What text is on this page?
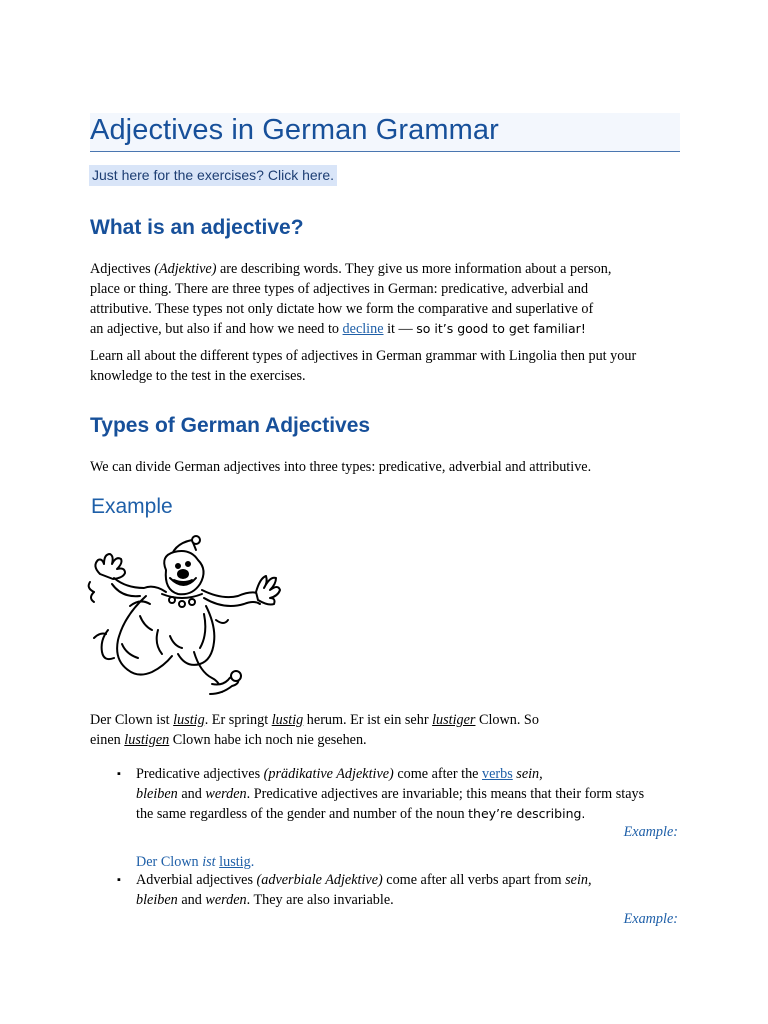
Adjectives in German Grammar
Just here for the exercises? Click here.
What is an adjective?

Adjectives (Adjektive) are describing words. They give us more information about a person,
place or thing. There are three types of adjectives in German: predicative, adverbial and
attributive. These types not only dictate how we form the comparative and superlative of
an adjective, but also if and how we need to decline it — so it’s good to get familiar!

Learn all about the different types of adjectives in German grammar with Lingolia then put your
knowledge to the test in the exercises.

Types of German Adjectives

We can divide German adjectives into three types: predicative, adverbial and attributive.

Example

Der Clown ist lustig. Er springt lustig herum. Er ist ein sehr lustiger Clown. So
einen lustigen Clown habe ich noch nie gesehen.

▪ Predicative adjectives (prädikative Adjektive) come after the verbs sein,
bleiben and werden. Predicative adjectives are invariable; this means that their form stays
the same regardless of the gender and number of the noun they’re describing.

Example:

Der Clown ist lustig.

▪ Adverbial adjectives (adverbiale Adjektive) come after all verbs apart from sein,
bleiben and werden. They are also invariable.

Example:
